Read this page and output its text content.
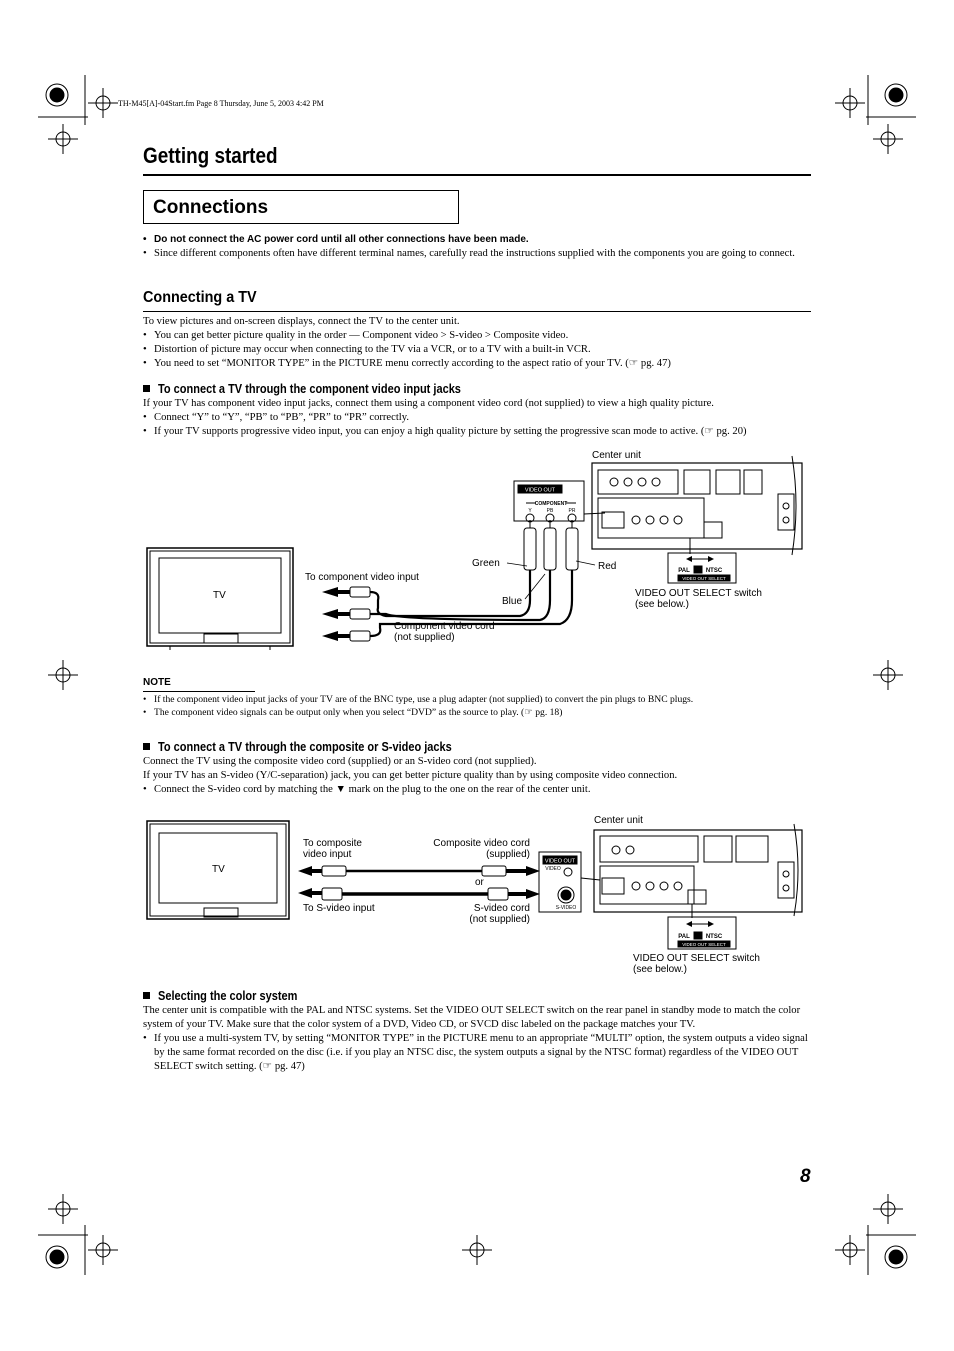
TH-M45[A]-04Start.fm Page 8 Thursday, June 5, 2003 4:42 PM
Getting started
Connections

• Do not connect the AC power cord until all other connections have been made.

• Since different components often have different terminal names, carefully read the instructions supplied with the components you are going to connect.

Connecting a TV

To view pictures and on-screen displays, connect the TV to the center unit.

• You can get better picture quality in the order — Component video > S-video > Composite video.

• Distortion of picture may occur when connecting to the TV via a VCR, or to a TV with a built-in VCR.

• You need to set “MONITOR TYPE” in the PICTURE menu correctly according to the aspect ratio of your TV. (☞ pg. 47)

To connect a TV through the component video input jacks

If your TV has component video input jacks, connect them using a component video cord (not supplied) to view a high quality picture.

• Connect “Y” to “Y”, “PB” to “PB”, “PR” to “PR” correctly.

• If your TV supports progressive video input, you can enjoy a high quality picture by setting the progressive scan mode to active. (☞ pg. 20)

VIDEO OUT
COMPONENT
Y	PB	PR
PAL	NTSC
VIDEO OUT SELECT
Center unit
TV
To component video input
Green	Red
Blue
Component video cord
(not supplied)
VIDEO OUT SELECT switch
(see below.)
NOTE

• If the component video input jacks of your TV are of the BNC type, use a plug adapter (not supplied) to convert the pin plugs to BNC plugs.

• The component video signals can be output only when you select “DVD” as the source to play. (☞ pg. 18)

To connect a TV through the composite or S-video jacks

Connect the TV using the composite video cord (supplied) or an S-video cord (not supplied).

If your TV has an S-video (Y/C-separation) jack, you can get better picture quality than by using composite video connection.

• Connect the S-video cord by matching the ▼ mark on the plug to the one on the rear of the center unit.

VIDEO OUT
VIDEO
S-VIDEO
PAL	NTSC
VIDEO OUT SELECT
Center unit
TV
To composite
video input
Composite video cord
(supplied)
or
To S-video input	S-video cord
(not supplied)
VIDEO OUT SELECT switch
(see below.)
Selecting the color system

The center unit is compatible with the PAL and NTSC systems. Set the VIDEO OUT SELECT switch on the rear panel in standby mode to match the color system of your TV. Make sure that the color system of a DVD, Video CD, or SVCD disc labeled on the package matches your TV.

• If you use a multi-system TV, by setting “MONITOR TYPE” in the PICTURE menu to an appropriate “MULTI” option, the system outputs a video signal by the same format recorded on the disc (i.e. if you play an NTSC disc, the system outputs a signal by the NTSC format) regardless of the VIDEO OUT SELECT switch setting. (☞ pg. 47)

8
